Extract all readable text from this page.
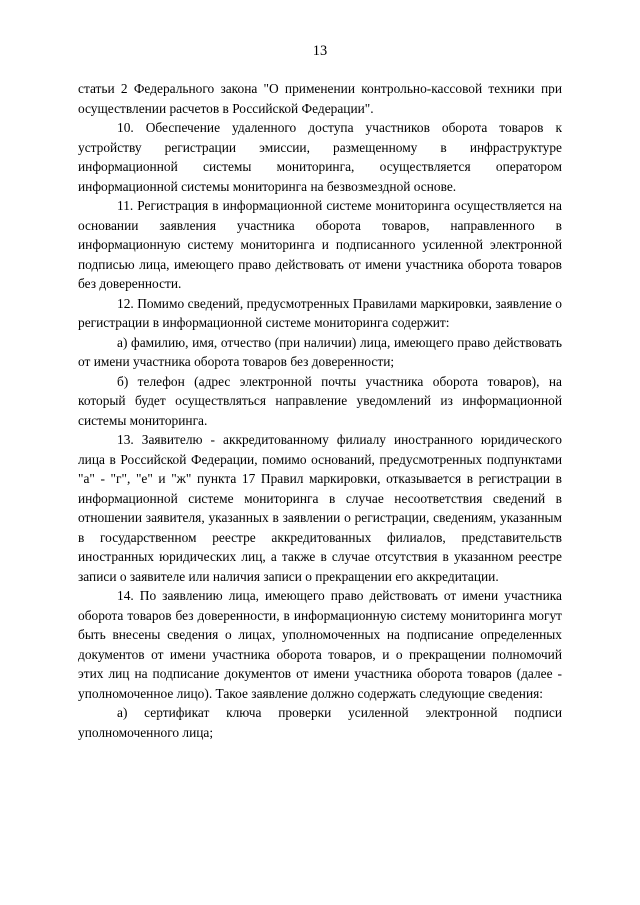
13

статьи 2 Федерального закона "О применении контрольно-кассовой техники при осуществлении расчетов в Российской Федерации".

10. Обеспечение удаленного доступа участников оборота товаров к устройству регистрации эмиссии, размещенному в инфраструктуре информационной системы мониторинга, осуществляется оператором информационной системы мониторинга на безвозмездной основе.

11. Регистрация в информационной системе мониторинга осуществляется на основании заявления участника оборота товаров, направленного в информационную систему мониторинга и подписанного усиленной электронной подписью лица, имеющего право действовать от имени участника оборота товаров без доверенности.

12. Помимо сведений, предусмотренных Правилами маркировки, заявление о регистрации в информационной системе мониторинга содержит:

а) фамилию, имя, отчество (при наличии) лица, имеющего право действовать от имени участника оборота товаров без доверенности;

б) телефон (адрес электронной почты участника оборота товаров), на который будет осуществляться направление уведомлений из информационной системы мониторинга.

13. Заявителю - аккредитованному филиалу иностранного юридического лица в Российской Федерации, помимо оснований, предусмотренных подпунктами "а" - "г", "е" и "ж" пункта 17 Правил маркировки, отказывается в регистрации в информационной системе мониторинга в случае несоответствия сведений в отношении заявителя, указанных в заявлении о регистрации, сведениям, указанным в государственном реестре аккредитованных филиалов, представительств иностранных юридических лиц, а также в случае отсутствия в указанном реестре записи о заявителе или наличия записи о прекращении его аккредитации.

14. По заявлению лица, имеющего право действовать от имени участника оборота товаров без доверенности, в информационную систему мониторинга могут быть внесены сведения о лицах, уполномоченных на подписание определенных документов от имени участника оборота товаров, и о прекращении полномочий этих лиц на подписание документов от имени участника оборота товаров (далее - уполномоченное лицо). Такое заявление должно содержать следующие сведения:

а) сертификат ключа проверки усиленной электронной подписи уполномоченного лица;
